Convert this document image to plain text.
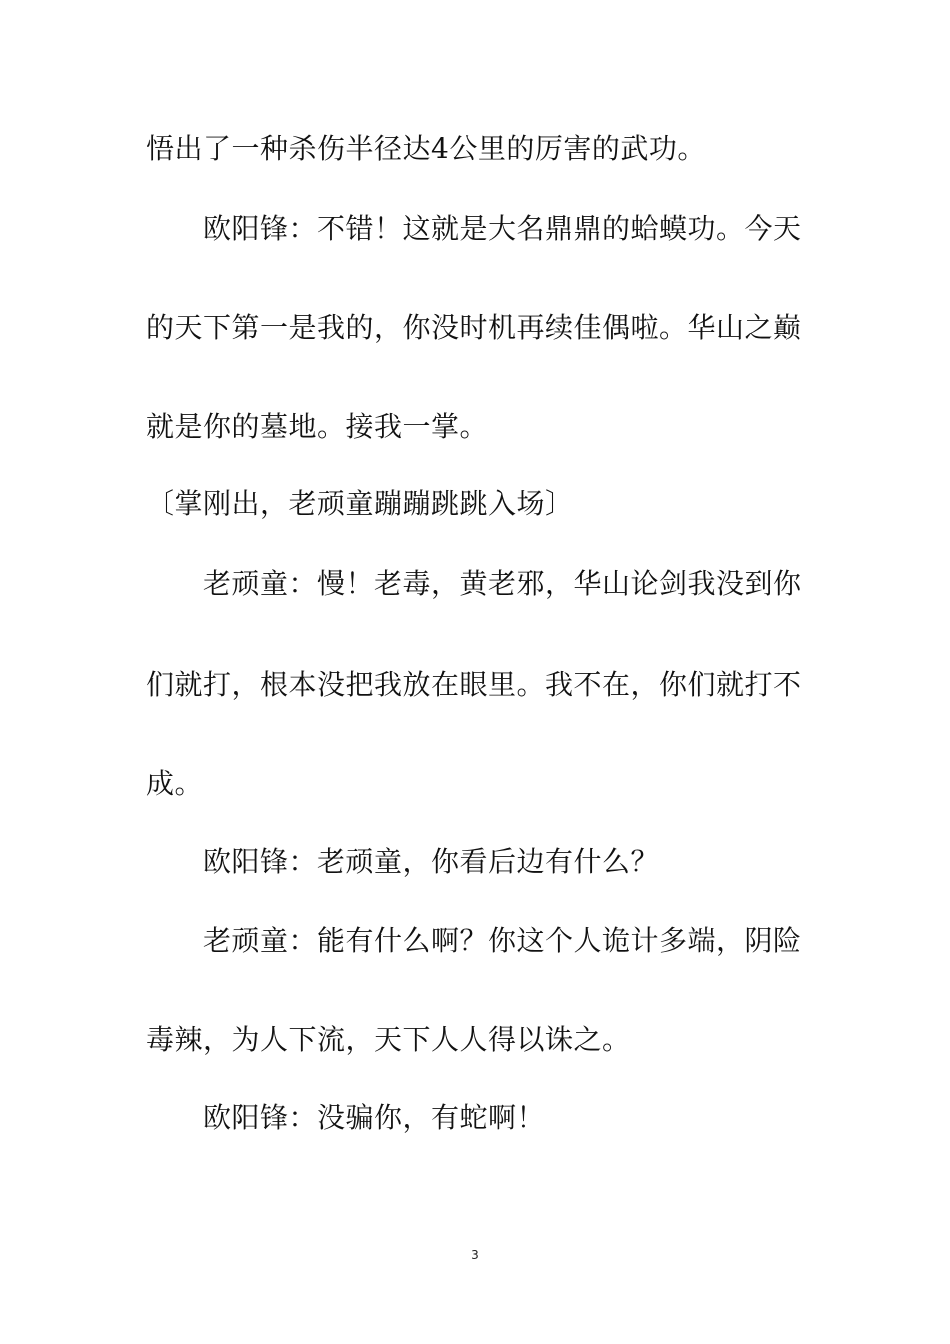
悟出了一种杀伤半径达4公里的厉害的武功。
欧阳锋：不错！这就是大名鼎鼎的蛤蟆功。今天
的天下第一是我的，你没时机再续佳偶啦。华山之巅
就是你的墓地。接我一掌。
〔掌刚出，老顽童蹦蹦跳跳入场〕
老顽童：慢！老毒，黄老邪，华山论剑我没到你
们就打，根本没把我放在眼里。我不在，你们就打不
成。
欧阳锋：老顽童，你看后边有什么？
老顽童：能有什么啊？你这个人诡计多端，阴险
毒辣，为人下流，天下人人得以诛之。
欧阳锋：没骗你，有蛇啊！
3
